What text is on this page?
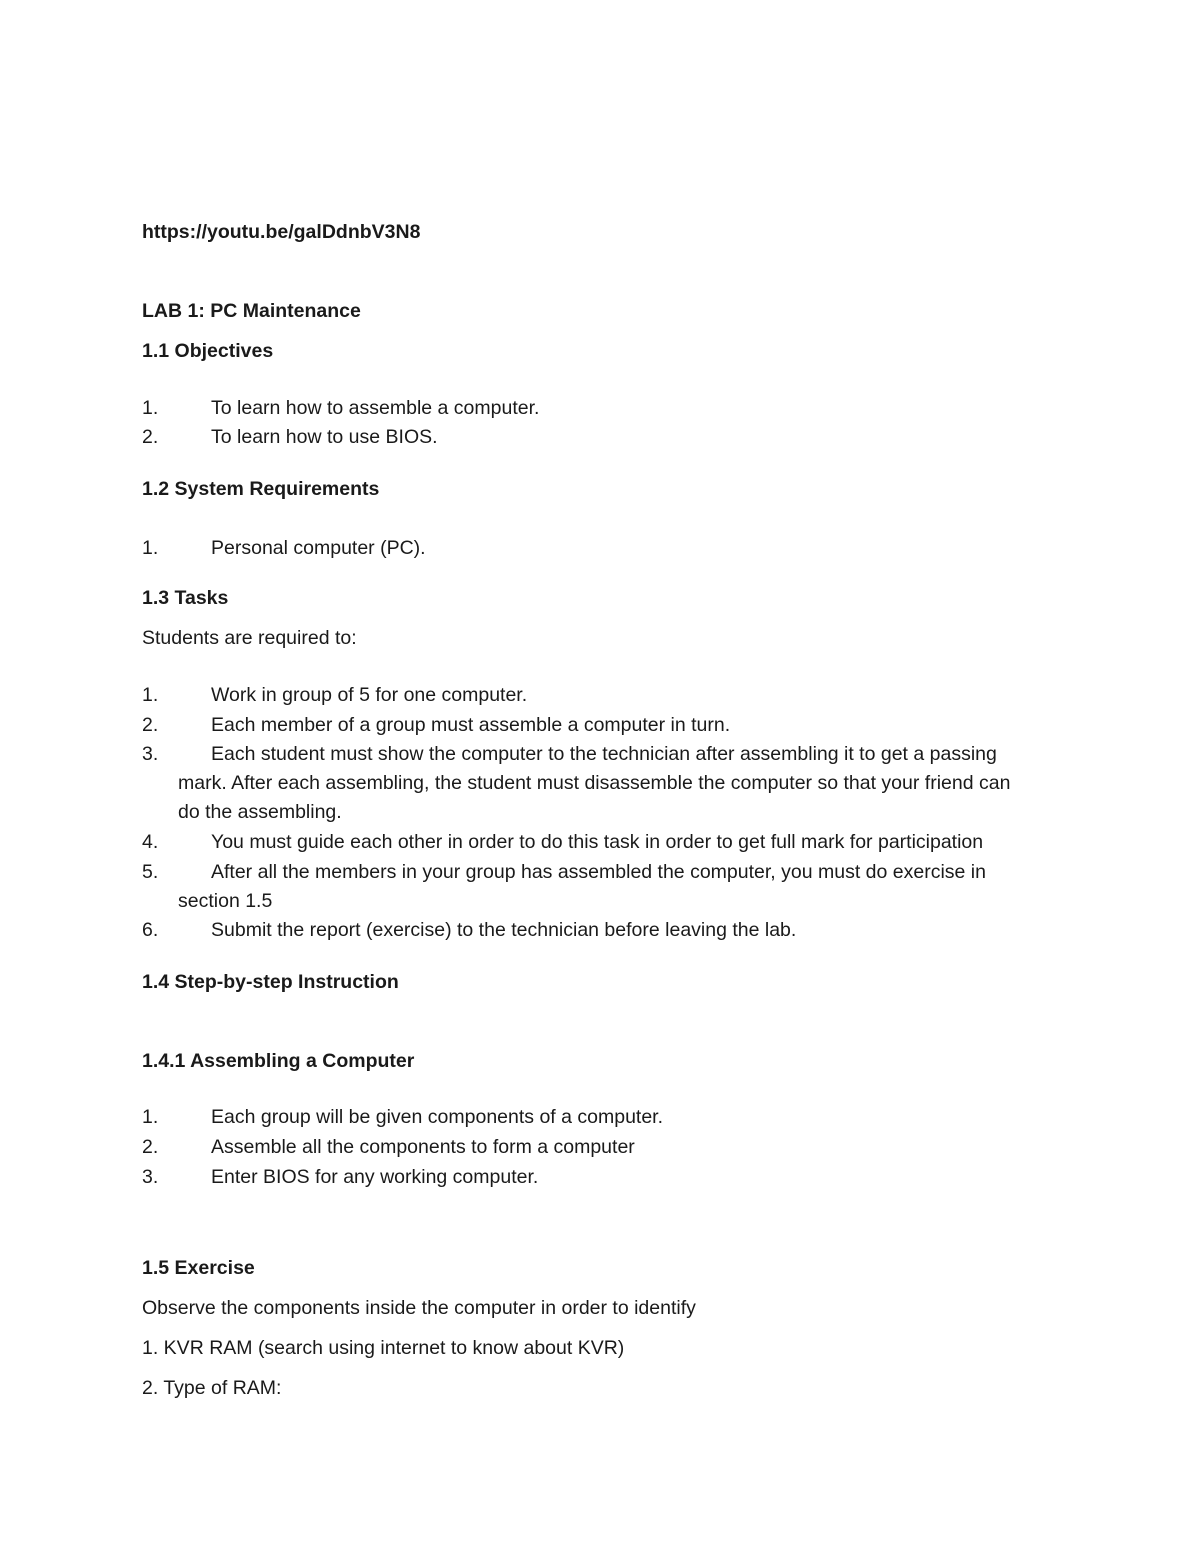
https://youtu.be/galDdnbV3N8
LAB 1: PC Maintenance
1.1 Objectives
1.	To learn how to assemble a computer.
2.	To learn how to use BIOS.
1.2 System Requirements
1.	Personal computer (PC).
1.3 Tasks
Students are required to:
1.	Work in group of 5 for one computer.
2.	Each member of a group must assemble a computer in turn.
3.	Each student must show the computer to the technician after assembling it to get a passing
mark. After each assembling, the student must disassemble the computer so that your friend can
do the assembling.
4.	You must guide each other in order to do this task in order to get full mark for participation
5.	After all the members in your group has assembled the computer, you must do exercise in
section 1.5
6.	Submit the report (exercise) to the technician before leaving the lab.
1.4 Step-by-step Instruction
1.4.1 Assembling a Computer
1.	Each group will be given components of a computer.
2.	Assemble all the components to form a computer
3.	Enter BIOS for any working computer.
1.5 Exercise
Observe the components inside the computer in order to identify
1. KVR RAM (search using internet to know about KVR)
2. Type of RAM:
